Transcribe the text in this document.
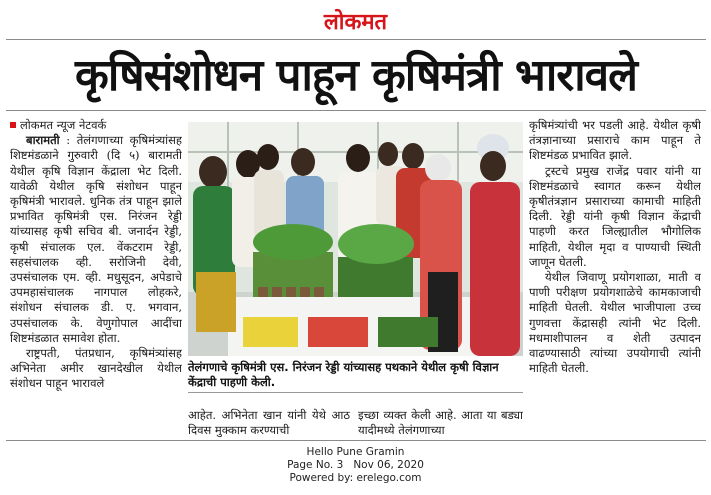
लोकमत
कृषिसंशोधन पाहून कृषिमंत्री भारावले

लोकमत न्यूज नेटवर्क

बारामती : तेलंगणाच्या कृषिमंत्र्यांसह शिष्टमंडळाने गुरुवारी (दि ५) बारामती येथील कृषि विज्ञान केंद्राला भेट दिली. यावेळी येथील कृषि संशोधन पाहून कृषिमंत्री भारावले. धुनिक तंत्र पाहून झाले प्रभावित कृषिमंत्री एस. निरंजन रेड्डी यांच्यासह कृषी सचिव बी. जनार्दन रेड्डी, कृषी संचालक एल. वेंकटराम रेड्डी, सहसंचालक व्ही. सरोजिनी देवी, उपसंचालक एम. व्ही. मधुसूदन, अपेडाचे उपमहासंचालक नागपाल लोहकरे, संशोधन संचालक डी. ए. भगवान, उपसंचालक के. वेणुगोपाल आदींचा शिष्टमंडळात समावेश होता.

राष्ट्रपती, पंतप्रधान, कृषिमंत्र्यांसह अभिनेता अमीर खानदेखील येथील संशोधन पाहून भारावले

तेलंगणाचे कृषिमंत्री एस. निरंजन रेड्डी यांच्यासह पथकाने येथील कृषी विज्ञान केंद्राची पाहणी केली.

आहेत. अभिनेता खान यांनी येथे आठ दिवस मुक्काम करण्याची

इच्छा व्यक्त केली आहे. आता या बड्या यादीमध्ये तेलंगणाच्या

कृषिमंत्र्यांची भर पडली आहे. येथील कृषी तंत्रज्ञानाच्या प्रसाराचे काम पाहून ते शिष्टमंडळ प्रभावित झाले.

ट्रस्टचे प्रमुख राजेंद्र पवार यांनी या शिष्टमंडळाचे स्वागत करून येथील कृषीतंत्रज्ञान प्रसाराच्या कामाची माहिती दिली. रेड्डी यांनी कृषी विज्ञान केंद्राची पाहणी करत जिल्ह्यातील भौगोलिक माहिती, येथील मृदा व पाण्याची स्थिती जाणून घेतली.

येथील जिवाणू प्रयोगशाळा, माती व पाणी परीक्षण प्रयोगशाळेचे कामकाजाची माहिती घेतली. येथील भाजीपाला उच्च गुणवत्ता केंद्रासही त्यांनी भेट दिली. मधमाशीपालन व शेती उत्पादन वाढण्यासाठी त्यांच्या उपयोगाची त्यांनी माहिती घेतली.

Hello Pune Gramin
Page No. 3 Nov 06, 2020
Powered by: erelego.com
